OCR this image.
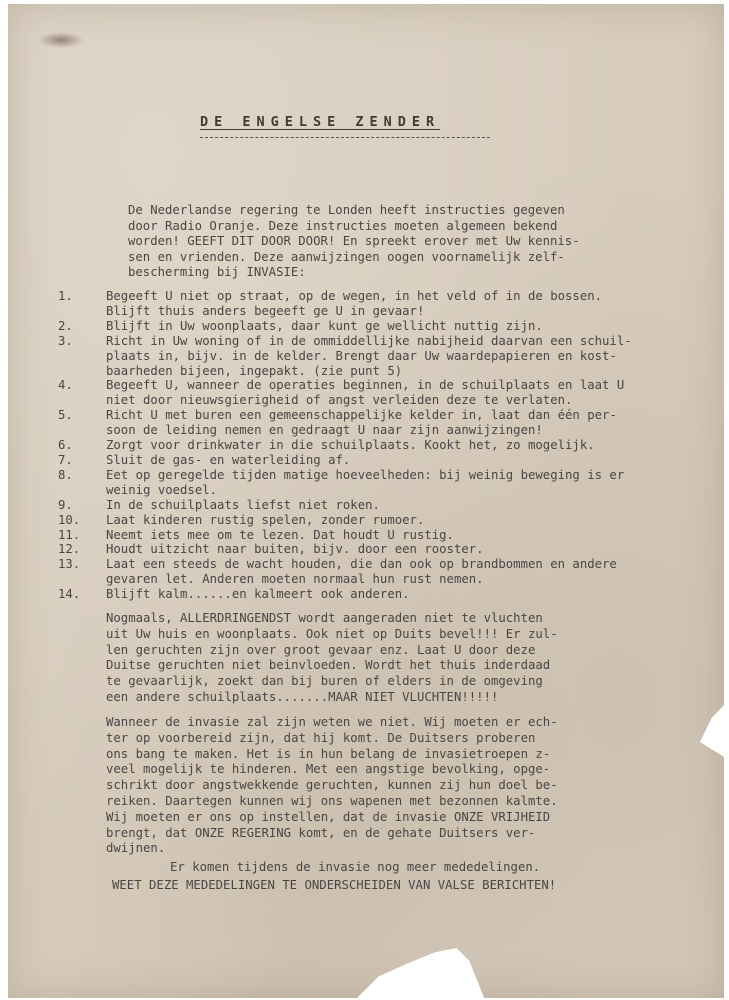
DE ENGELSE ZENDER
De Nederlandse regering te Londen heeft instructies gegeven
door Radio Oranje. Deze instructies moeten algemeen bekend
worden! GEEFT DIT DOOR DOOR! En spreekt erover met Uw kennis-
sen en vrienden. Deze aanwijzingen oogen voornamelijk zelf-
bescherming bij INVASIE:
1.	Begeeft U niet op straat, op de wegen, in het veld of in de bossen.
Blijft thuis anders begeeft ge U in gevaar!
2.	Blijft in Uw woonplaats, daar kunt ge wellicht nuttig zijn.
3.	Richt in Uw woning of in de ommiddellijke nabijheid daarvan een schuil-
plaats in, bijv. in de kelder. Brengt daar Uw waardepapieren en kost-
baarheden bijeen, ingepakt. (zie punt 5)
4.	Begeeft U, wanneer de operaties beginnen, in de schuilplaats en laat U
niet door nieuwsgierigheid of angst verleiden deze te verlaten.
5.	Richt U met buren een gemeenschappelijke kelder in, laat dan één per-
soon de leiding nemen en gedraagt U naar zijn aanwijzingen!
6.	Zorgt voor drinkwater in die schuilplaats. Kookt het, zo mogelijk.
7.	Sluit de gas- en waterleiding af.
8.	Eet op geregelde tijden matige hoeveelheden: bij weinig beweging is er
weinig voedsel.
9.	In de schuilplaats liefst niet roken.
10.	Laat kinderen rustig spelen, zonder rumoer.
11.	Neemt iets mee om te lezen. Dat houdt U rustig.
12.	Houdt uitzicht naar buiten, bijv. door een rooster.
13.	Laat een steeds de wacht houden, die dan ook op brandbommen en andere
gevaren let. Anderen moeten normaal hun rust nemen.
14.	Blijft kalm......en kalmeert ook anderen.
Nogmaals, ALLERDRINGENDST wordt aangeraden niet te vluchten
uit Uw huis en woonplaats. Ook niet op Duits bevel!!! Er zul-
len geruchten zijn over groot gevaar enz. Laat U door deze
Duitse geruchten niet beinvloeden. Wordt het thuis inderdaad
te gevaarlijk, zoekt dan bij buren of elders in de omgeving
een andere schuilplaats.......MAAR NIET VLUCHTEN!!!!!
Wanneer de invasie zal zijn weten we niet. Wij moeten er ech-
ter op voorbereid zijn, dat hij komt. De Duitsers proberen
ons bang te maken. Het is in hun belang de invasietroepen z-
veel mogelijk te hinderen. Met een angstige bevolking, opge-
schrikt door angstwekkende geruchten, kunnen zij hun doel be-
reiken. Daartegen kunnen wij ons wapenen met bezonnen kalmte.
Wij moeten er ons op instellen, dat de invasie ONZE VRIJHEID
brengt, dat ONZE REGERING komt, en de gehate Duitsers ver-
dwijnen.
Er komen tijdens de invasie nog meer mededelingen.
WEET DEZE MEDEDELINGEN TE ONDERSCHEIDEN VAN VALSE BERICHTEN!
